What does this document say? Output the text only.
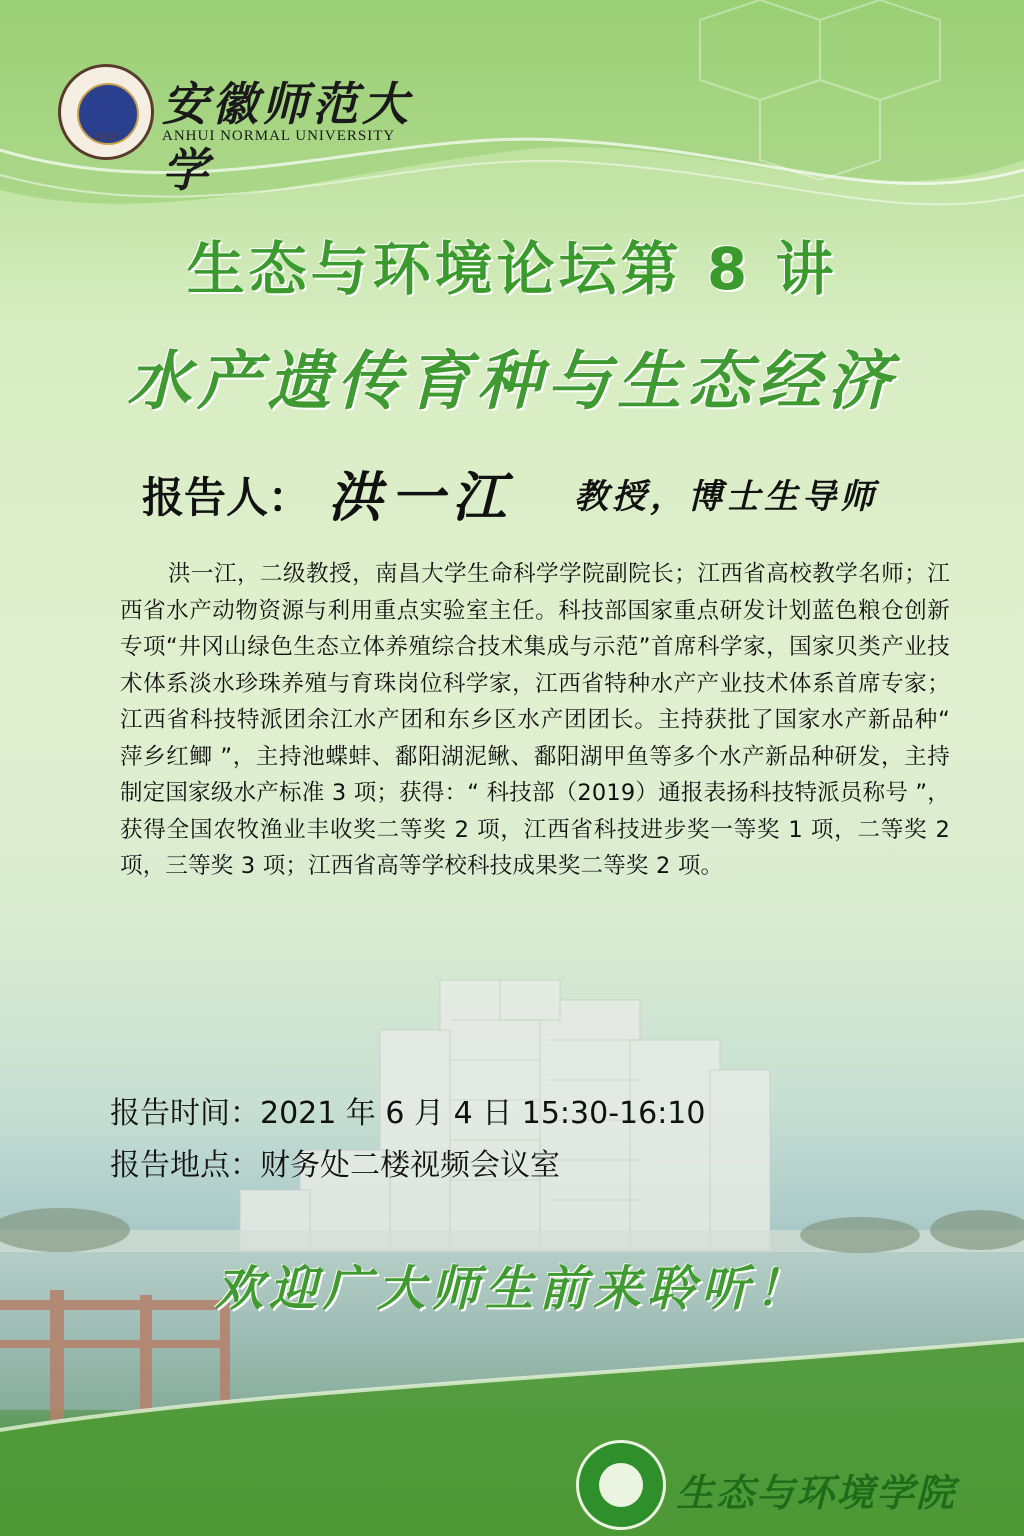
1928
安徽师范大学
ANHUI NORMAL UNIVERSITY
生态与环境论坛第 8 讲
水产遗传育种与生态经济
报告人： 洪一江 教授，博士生导师
洪一江，二级教授，南昌大学生命科学学院副院长；江西省高校教学名师；江西省水产动物资源与利用重点实验室主任。科技部国家重点研发计划蓝色粮仓创新专项“井冈山绿色生态立体养殖综合技术集成与示范”首席科学家，国家贝类产业技术体系淡水珍珠养殖与育珠岗位科学家，江西省特种水产产业技术体系首席专家；江西省科技特派团余江水产团和东乡区水产团团长。主持获批了国家水产新品种“ 萍乡红鲫 ”，主持池蝶蚌、鄱阳湖泥鳅、鄱阳湖甲鱼等多个水产新品种研发，主持制定国家级水产标准 3 项；获得：“ 科技部（2019）通报表扬科技特派员称号 ”，获得全国农牧渔业丰收奖二等奖 2 项，江西省科技进步奖一等奖 1 项，二等奖 2 项，三等奖 3 项；江西省高等学校科技成果奖二等奖 2 项。
报告时间：2021 年 6 月 4 日 15:30-16:10
报告地点：财务处二楼视频会议室
欢迎广大师生前来聆听！
生态与环境学院
